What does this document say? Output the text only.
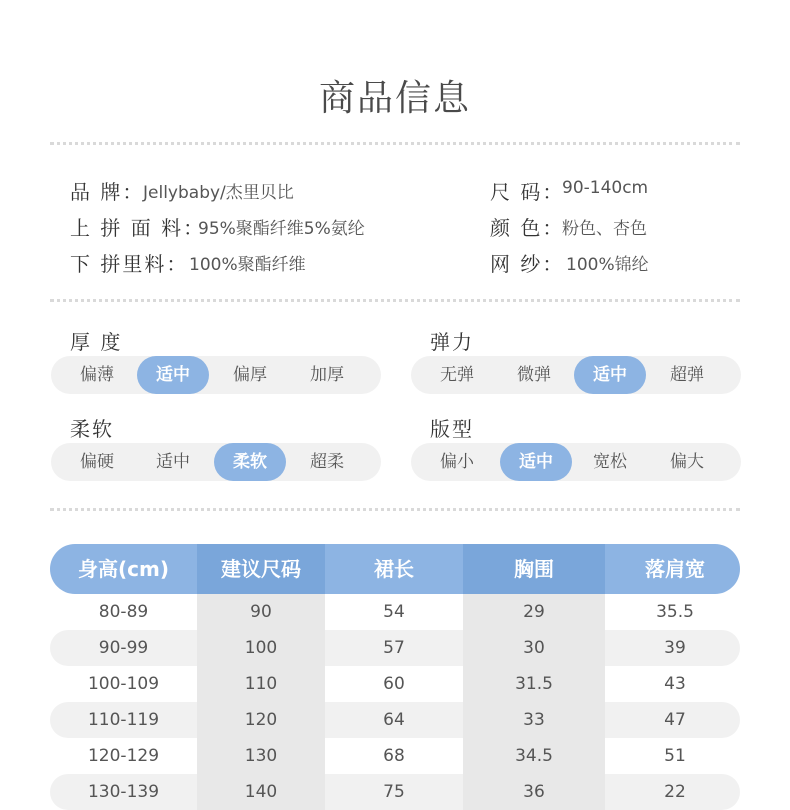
商品信息
品 牌：
Jellybaby/杰里贝比
上 拼 面 料：
95%聚酯纤维5%氨纶
下 拼里料： 100%聚酯纤维
尺 码：
90-140cm
颜 色：
粉色、杏色
网 纱： 100%锦纶
厚 度
偏薄	适中	偏厚	加厚
弹力
无弹	微弹	适中	超弹
柔软
偏硬	适中	柔软	超柔
版型
偏小	适中	宽松	偏大
身高(cm)	建议尺码	裙长	胸围	落肩宽
80-89	90	54	29	35.5
90-99	100	57	30	39
100-109	110	60	31.5	43
110-119	120	64	33	47
120-129	130	68	34.5	51
130-139	140	75	36	22
